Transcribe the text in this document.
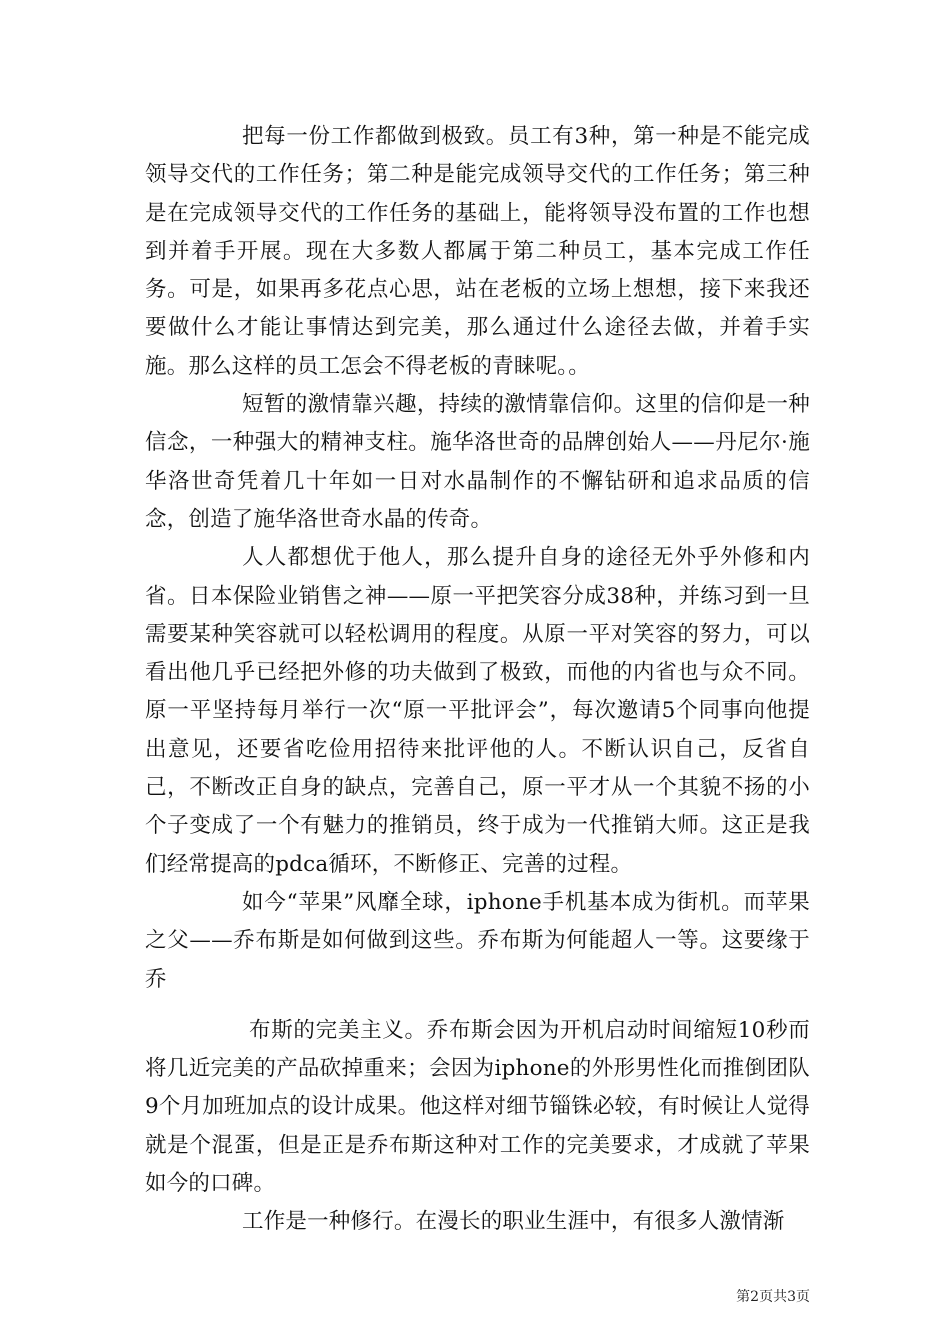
把每一份工作都做到极致。员工有3种，第一种是不能完成领导交代的工作任务；第二种是能完成领导交代的工作任务；第三种是在完成领导交代的工作任务的基础上，能将领导没布置的工作也想到并着手开展。现在大多数人都属于第二种员工，基本完成工作任务。可是，如果再多花点心思，站在老板的立场上想想，接下来我还要做什么才能让事情达到完美，那么通过什么途径去做，并着手实施。那么这样的员工怎会不得老板的青睐呢。。

短暂的激情靠兴趣，持续的激情靠信仰。这里的信仰是一种信念，一种强大的精神支柱。施华洛世奇的品牌创始人——丹尼尔·施华洛世奇凭着几十年如一日对水晶制作的不懈钻研和追求品质的信念，创造了施华洛世奇水晶的传奇。

人人都想优于他人，那么提升自身的途径无外乎外修和内省。日本保险业销售之神——原一平把笑容分成38种，并练习到一旦需要某种笑容就可以轻松调用的程度。从原一平对笑容的努力，可以看出他几乎已经把外修的功夫做到了极致，而他的内省也与众不同。原一平坚持每月举行一次“原一平批评会”，每次邀请5个同事向他提出意见，还要省吃俭用招待来批评他的人。不断认识自己，反省自己，不断改正自身的缺点，完善自己，原一平才从一个其貌不扬的小个子变成了一个有魅力的推销员，终于成为一代推销大师。这正是我们经常提高的pdca循环，不断修正、完善的过程。

如今“苹果”风靡全球，iphone手机基本成为街机。而苹果之父——乔布斯是如何做到这些。乔布斯为何能超人一等。这要缘于乔

布斯的完美主义。乔布斯会因为开机启动时间缩短10秒而将几近完美的产品砍掉重来；会因为iphone的外形男性化而推倒团队9个月加班加点的设计成果。他这样对细节锱铢必较，有时候让人觉得就是个混蛋，但是正是乔布斯这种对工作的完美要求，才成就了苹果如今的口碑。

工作是一种修行。在漫长的职业生涯中，有很多人激情渐

第2页共3页
